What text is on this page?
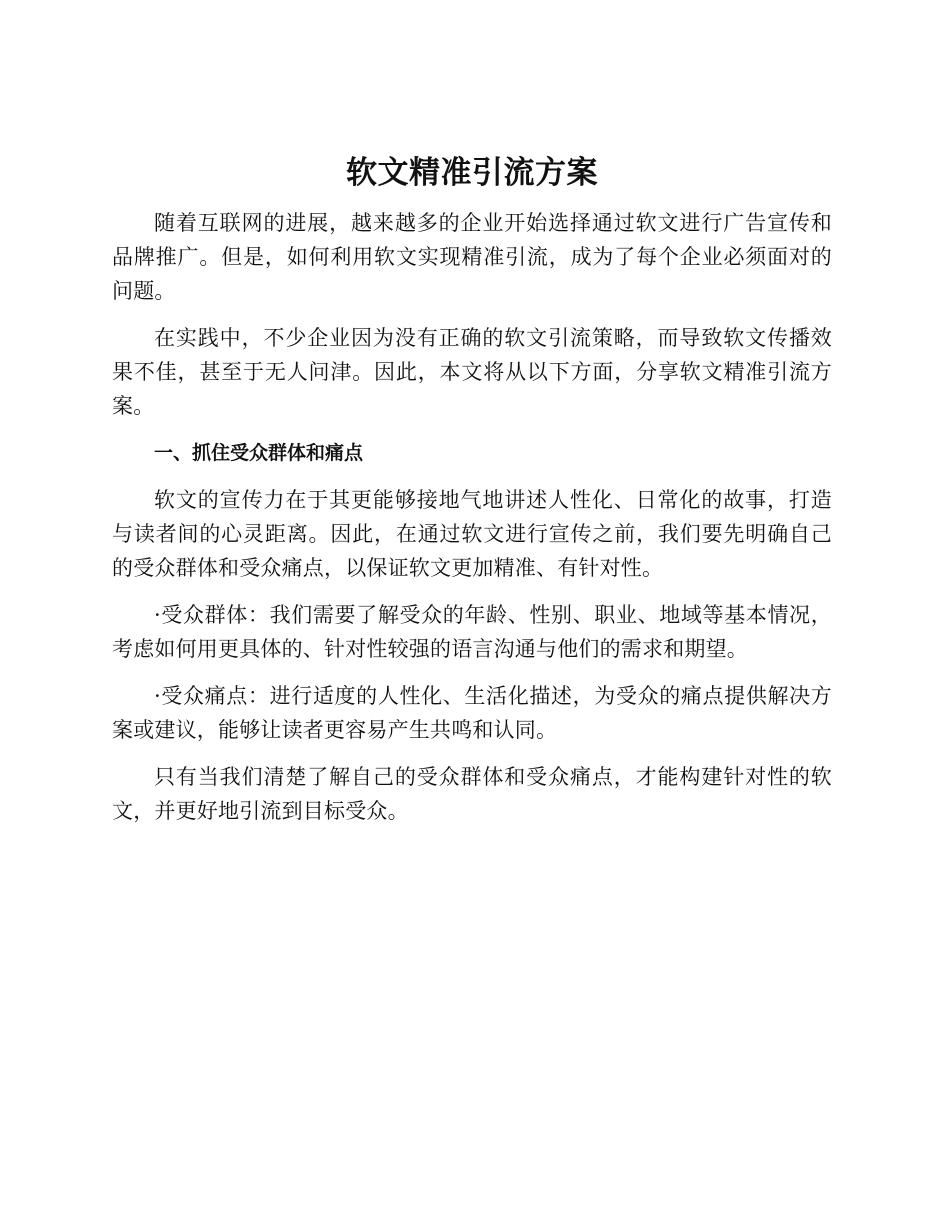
软文精准引流方案

随着互联网的进展，越来越多的企业开始选择通过软文进行广告宣传和品牌推广。但是，如何利用软文实现精准引流，成为了每个企业必须面对的问题。

在实践中，不少企业因为没有正确的软文引流策略，而导致软文传播效果不佳，甚至于无人问津。因此，本文将从以下方面，分享软文精准引流方案。

一、抓住受众群体和痛点

软文的宣传力在于其更能够接地气地讲述人性化、日常化的故事，打造与读者间的心灵距离。因此，在通过软文进行宣传之前，我们要先明确自己的受众群体和受众痛点，以保证软文更加精准、有针对性。

·受众群体：我们需要了解受众的年龄、性别、职业、地域等基本情况，考虑如何用更具体的、针对性较强的语言沟通与他们的需求和期望。

·受众痛点：进行适度的人性化、生活化描述，为受众的痛点提供解决方案或建议，能够让读者更容易产生共鸣和认同。

只有当我们清楚了解自己的受众群体和受众痛点，才能构建针对性的软文，并更好地引流到目标受众。
